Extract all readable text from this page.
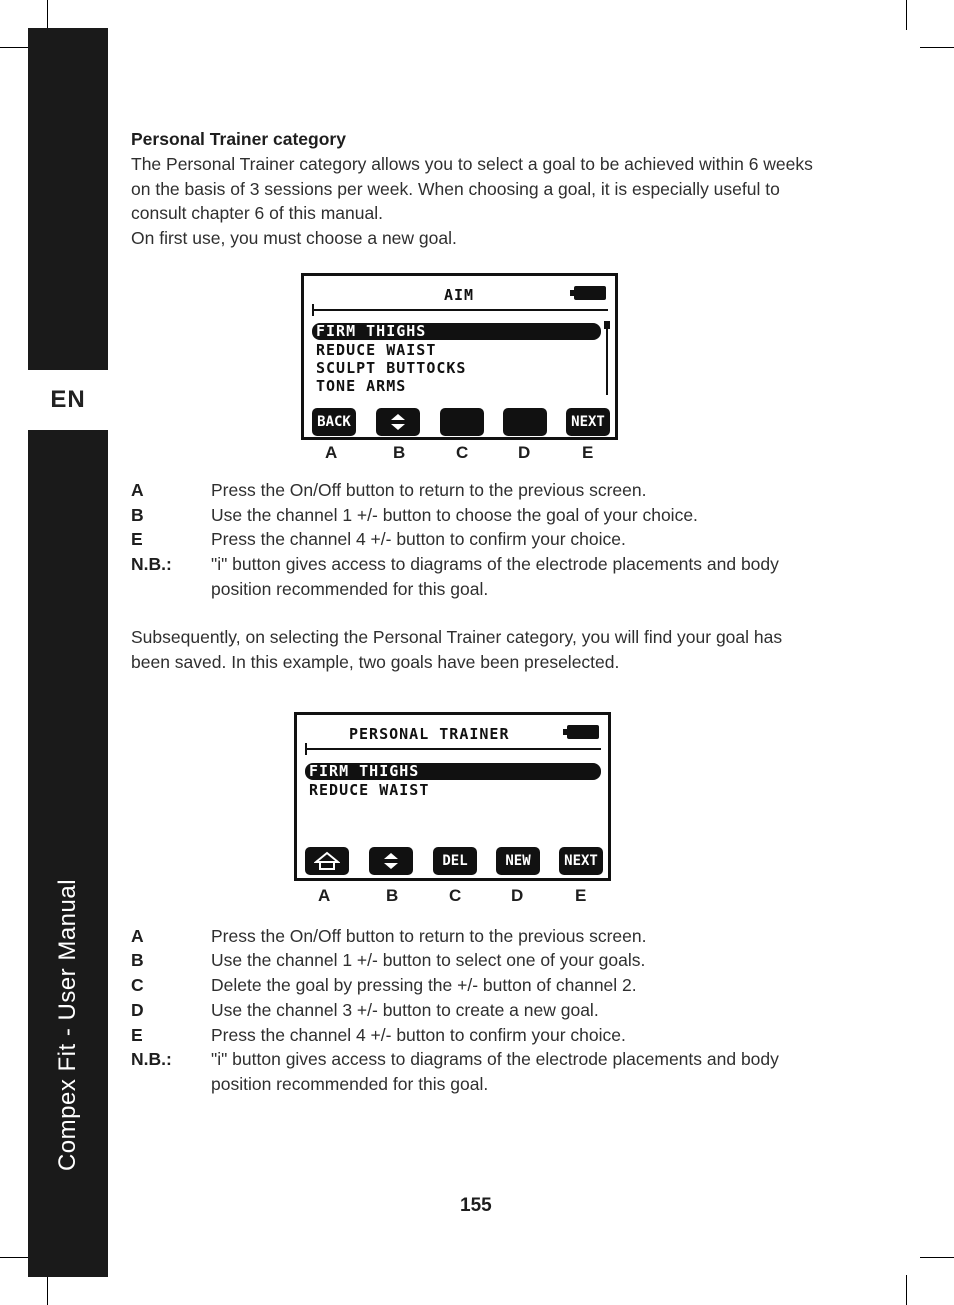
EN
Compex Fit - User Manual
Personal Trainer category
The Personal Trainer category allows you to select a goal to be achieved within 6 weeks
on the basis of 3 sessions per week. When choosing a goal, it is especially useful to
consult chapter 6 of this manual.
On first use, you must choose a new goal.
AIM
FIRM THIGHS
REDUCE WAIST
SCULPT BUTTOCKS
TONE ARMS
BACK	NEXT
A	B	C	D	E
A	Press the On/Off button to return to the previous screen.
B	Use the channel 1 +/- button to choose the goal of your choice.
E	Press the channel 4 +/- button to confirm your choice.
N.B.: "i" button gives access to diagrams of the electrode placements and body
position recommended for this goal.
Subsequently, on selecting the Personal Trainer category, you will find your goal has
been saved. In this example, two goals have been preselected.
PERSONAL TRAINER
FIRM THIGHS
REDUCE WAIST
DEL	NEW	NEXT
A	B	C	D	E
A	Press the On/Off button to return to the previous screen.
B	Use the channel 1 +/- button to select one of your goals.
C	Delete the goal by pressing the +/- button of channel 2.
D	Use the channel 3 +/- button to create a new goal.
E	Press the channel 4 +/- button to confirm your choice.
N.B.: "i" button gives access to diagrams of the electrode placements and body
position recommended for this goal.
155
